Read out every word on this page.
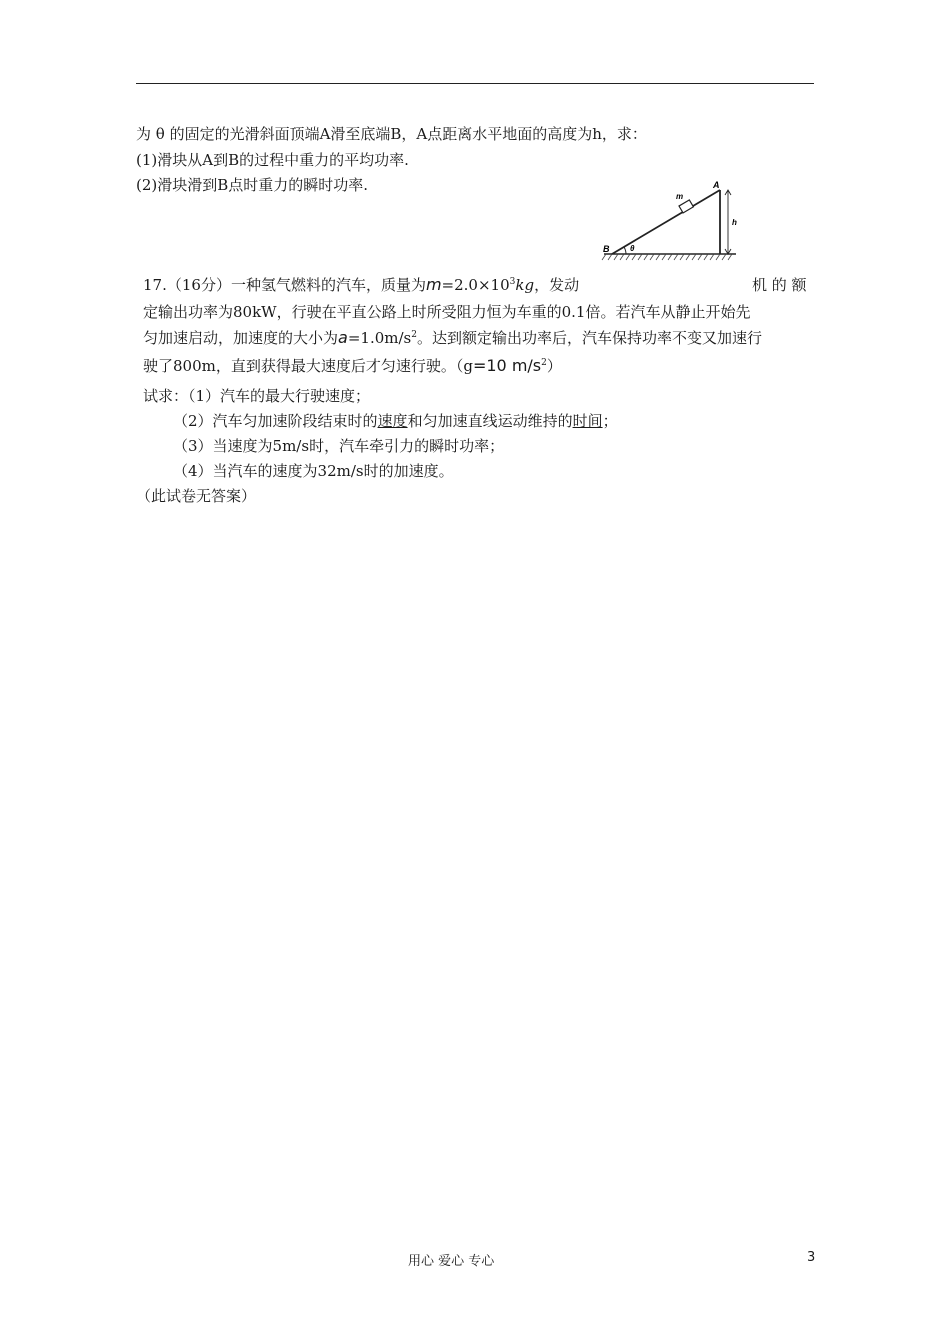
为 θ 的固定的光滑斜面顶端A滑至底端B，A点距离水平地面的高度为h，求：
(1)滑块从A到B的过程中重力的平均功率.
(2)滑块滑到B点时重力的瞬时功率.	A
B
m
h
θ
17.（16分）一种氢气燃料的汽车，质量为$m=2.0\times 10^3kg$，发动	机 的 额
定输出功率为80kW，行驶在平直公路上时所受阻力恒为车重的0.1倍。若汽车从静止开始先
匀加速启动，加速度的大小为$a=1.0m/s^2$。达到额定输出功率后，汽车保持功率不变又加速行
驶了800m，直到获得最大速度后才匀速行驶。（g=10 $m/s^2$）
试求：（1）汽车的最大行驶速度；
（2）汽车匀加速阶段结束时的速度和匀加速直线运动维持的时间；
（3）当速度为5m/s时，汽车牵引力的瞬时功率；
（4）当汽车的速度为32m/s时的加速度。
（此试卷无答案）
用心 爱心 专心	3
